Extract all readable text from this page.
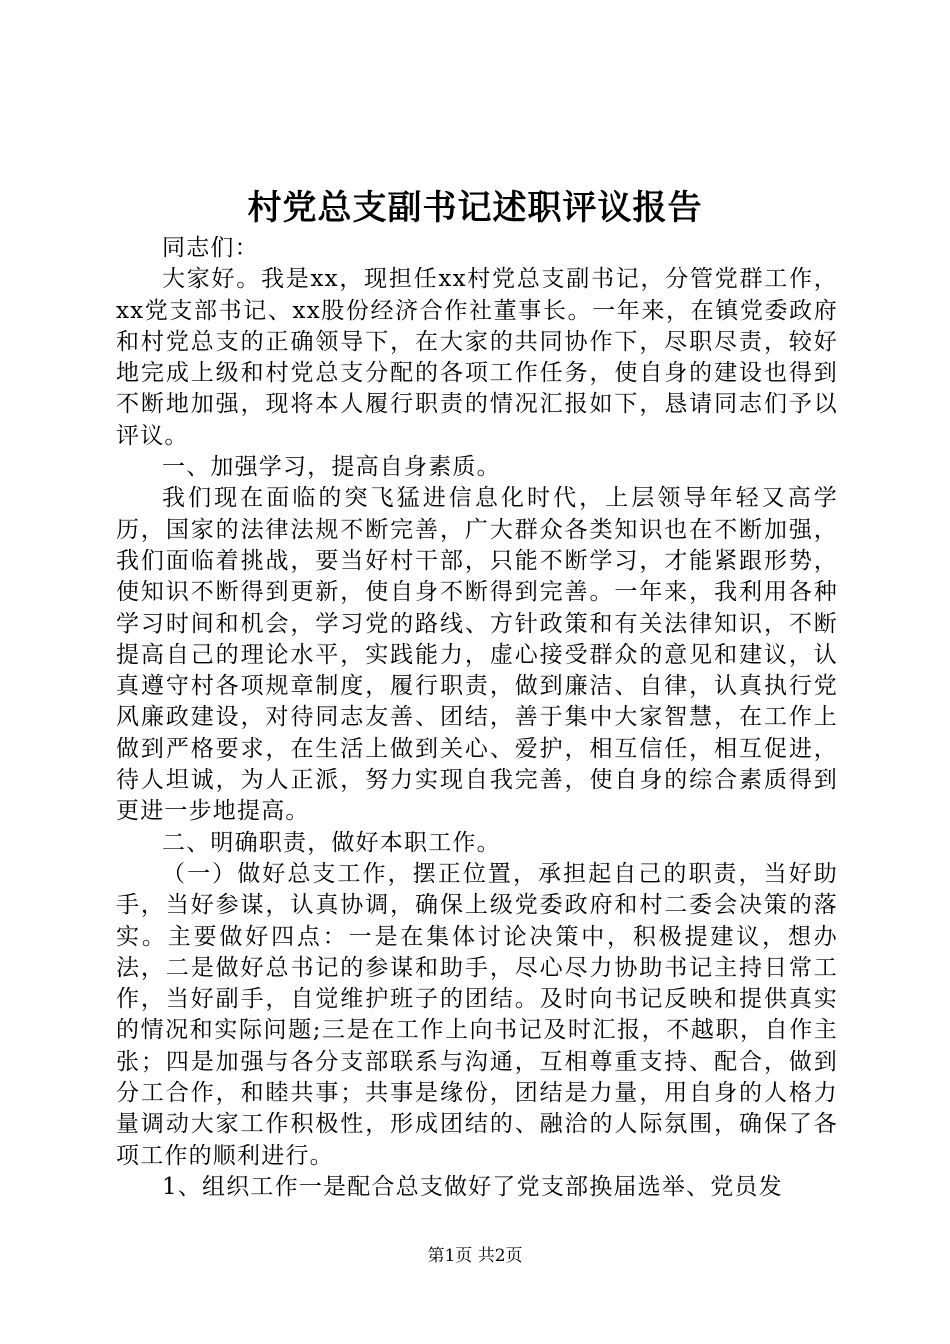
村党总支副书记述职评议报告

同志们：

大家好。我是xx，现担任xx村党总支副书记，分管党群工作，xx党支部书记、xx股份经济合作社董事长。一年来，在镇党委政府和村党总支的正确领导下，在大家的共同协作下，尽职尽责，较好地完成上级和村党总支分配的各项工作任务，使自身的建设也得到不断地加强，现将本人履行职责的情况汇报如下，恳请同志们予以评议。

一、加强学习，提高自身素质。

我们现在面临的突飞猛进信息化时代，上层领导年轻又高学历，国家的法律法规不断完善，广大群众各类知识也在不断加强，我们面临着挑战，要当好村干部，只能不断学习，才能紧跟形势，使知识不断得到更新，使自身不断得到完善。一年来，我利用各种学习时间和机会，学习党的路线、方针政策和有关法律知识，不断提高自己的理论水平，实践能力，虚心接受群众的意见和建议，认真遵守村各项规章制度，履行职责，做到廉洁、自律，认真执行党风廉政建设，对待同志友善、团结，善于集中大家智慧，在工作上做到严格要求，在生活上做到关心、爱护，相互信任，相互促进，待人坦诚，为人正派，努力实现自我完善，使自身的综合素质得到更进一步地提高。

二、明确职责，做好本职工作。

（一）做好总支工作，摆正位置，承担起自己的职责，当好助手，当好参谋，认真协调，确保上级党委政府和村二委会决策的落实。主要做好四点：一是在集体讨论决策中，积极提建议，想办法，二是做好总书记的参谋和助手，尽心尽力协助书记主持日常工作，当好副手，自觉维护班子的团结。及时向书记反映和提供真实的情况和实际问题;三是在工作上向书记及时汇报，不越职，自作主张；四是加强与各分支部联系与沟通，互相尊重支持、配合，做到分工合作，和睦共事；共事是缘份，团结是力量，用自身的人格力量调动大家工作积极性，形成团结的、融洽的人际氛围，确保了各项工作的顺利进行。

1、组织工作一是配合总支做好了党支部换届选举、党员发

第1页 共2页
